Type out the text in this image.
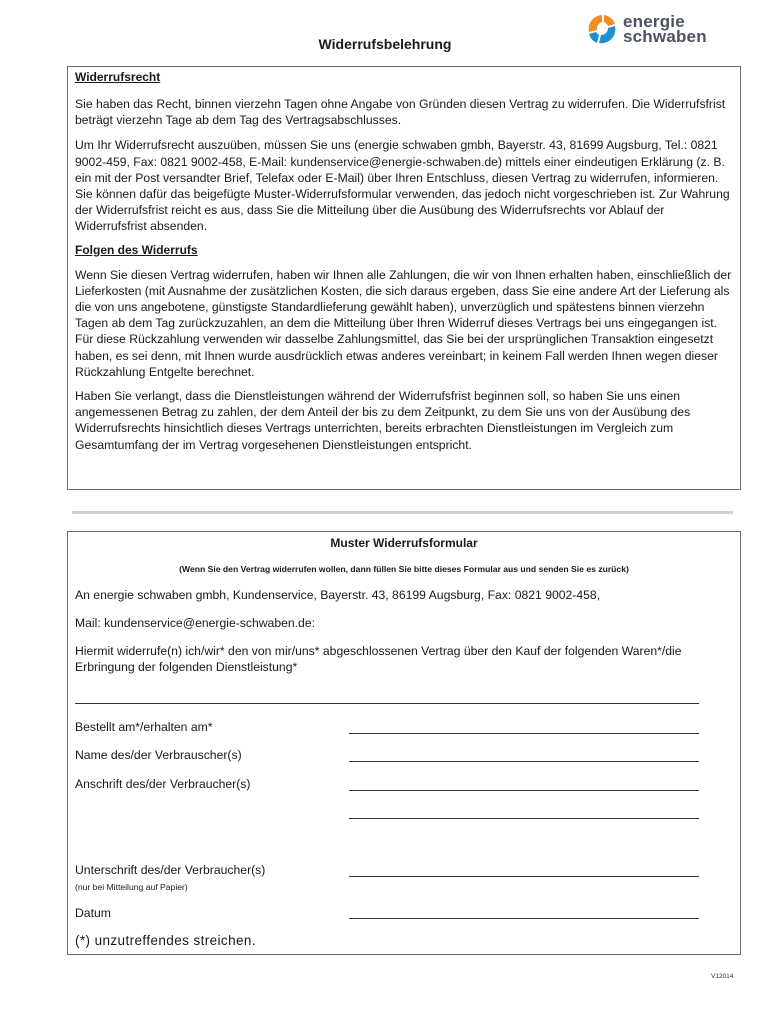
Widerrufsbelehrung
energie
schwaben
Widerrufsrecht

Sie haben das Recht, binnen vierzehn Tagen ohne Angabe von Gründen diesen Vertrag zu widerrufen. Die Widerrufsfrist beträgt vierzehn Tage ab dem Tag des Vertragsabschlusses.

Um Ihr Widerrufsrecht auszuüben, müssen Sie uns (energie schwaben gmbh, Bayerstr. 43, 81699 Augsburg, Tel.: 0821 9002-459, Fax: 0821 9002-458, E-Mail: kundenservice@energie-schwaben.de) mittels einer eindeutigen Erklärung (z. B. ein mit der Post versandter Brief, Telefax oder E-Mail) über Ihren Entschluss, diesen Vertrag zu widerrufen, informieren. Sie können dafür das beigefügte Muster-Widerrufsformular verwenden, das jedoch nicht vorgeschrieben ist. Zur Wahrung der Widerrufsfrist reicht es aus, dass Sie die Mitteilung über die Ausübung des Widerrufsrechts vor Ablauf der Widerrufsfrist absenden.

Folgen des Widerrufs

Wenn Sie diesen Vertrag widerrufen, haben wir Ihnen alle Zahlungen, die wir von Ihnen erhalten haben, einschließlich der Lieferkosten (mit Ausnahme der zusätzlichen Kosten, die sich daraus ergeben, dass Sie eine andere Art der Lieferung als die von uns angebotene, günstigste Standardlieferung gewählt haben), unverzüglich und spätestens binnen vierzehn Tagen ab dem Tag zurückzuzahlen, an dem die Mitteilung über Ihren Widerruf dieses Vertrags bei uns eingegangen ist. Für diese Rückzahlung verwenden wir dasselbe Zahlungsmittel, das Sie bei der ursprünglichen Transaktion eingesetzt haben, es sei denn, mit Ihnen wurde ausdrücklich etwas anderes vereinbart; in keinem Fall werden Ihnen wegen dieser Rückzahlung Entgelte berechnet.

Haben Sie verlangt, dass die Dienstleistungen während der Widerrufsfrist beginnen soll, so haben Sie uns einen angemessenen Betrag zu zahlen, der dem Anteil der bis zu dem Zeitpunkt, zu dem Sie uns von der Ausübung des Widerrufsrechts hinsichtlich dieses Vertrags unterrichten, bereits erbrachten Dienstleistungen im Vergleich zum Gesamtumfang der im Vertrag vorgesehenen Dienstleistungen entspricht.

Muster Widerrufsformular
(Wenn Sie den Vertrag widerrufen wollen, dann füllen Sie bitte dieses Formular aus und senden Sie es zurück)
An energie schwaben gmbh, Kundenservice, Bayerstr. 43, 86199 Augsburg, Fax: 0821 9002-458,
Mail: kundenservice@energie-schwaben.de:
Hiermit widerrufe(n) ich/wir* den von mir/uns* abgeschlossenen Vertrag über den Kauf der folgenden Waren*/die Erbringung der folgenden Dienstleistung*
Bestellt am*/erhalten am*
Name des/der Verbrauscher(s)
Anschrift des/der Verbraucher(s)
Unterschrift des/der Verbraucher(s)
(nur bei Mitteilung auf Papier)
Datum
(*) unzutreffendes streichen.
V12014
